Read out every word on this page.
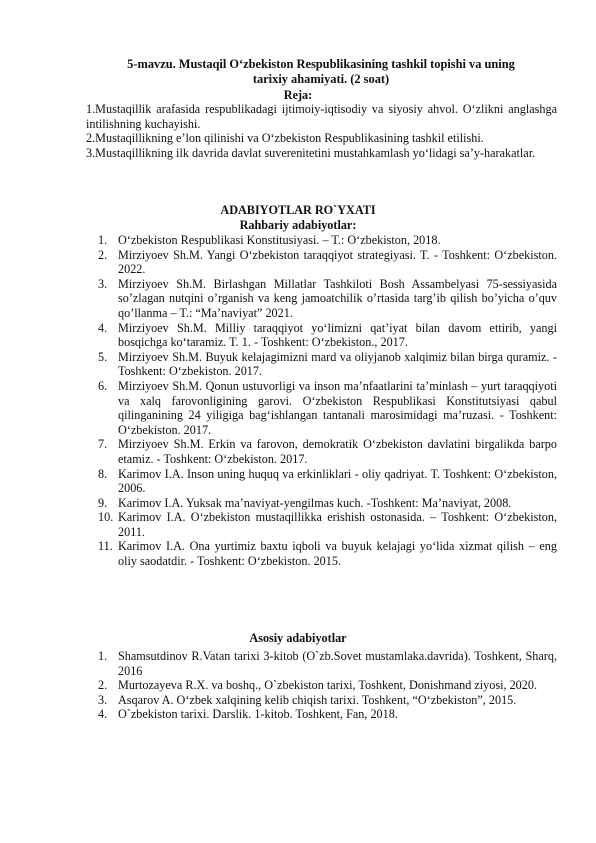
5-mavzu. Mustaqil O‘zbekiston Respublikasining tashkil topishi va uning
tarixiy ahamiyati. (2 soat)
Reja:

1.Mustaqillik arafasida respublikadagi ijtimoiy-iqtisodiy va siyosiy ahvol. O‘zlikni anglashga intilishning kuchayishi.

2.Mustaqillikning e’lon qilinishi va O‘zbekiston Respublikasining tashkil etilishi.

3.Mustaqillikning ilk davrida davlat suverenitetini mustahkamlash yo‘lidagi sa’y-harakatlar.

ADABIYOTLAR RO`YXATI
Rahbariy adabiyotlar:
1. O‘zbekiston Respublikasi Konstitusiyasi. – T.: O‘zbekiston, 2018.
2. Mirziyoev Sh.M. Yangi O‘zbekiston taraqqiyot strategiyasi. T. - Toshkent: O‘zbekiston. 2022.
3. Mirziyoev Sh.M. Birlashgan Millatlar Tashkiloti Bosh Assambelyasi 75-sessiyasida so’zlagan nutqini o’rganish va keng jamoatchilik o’rtasida targ’ib qilish bo’yicha o’quv qo’llanma – T.: “Ma’naviyat” 2021.
4. Mirziyoev Sh.M. Milliy taraqqiyot yo‘limizni qat’iyat bilan davom ettirib, yangi bosqichga ko‘taramiz. T. 1. - Toshkent: O‘zbekiston., 2017.
5. Mirziyoev Sh.M. Buyuk kelajagimizni mard va oliyjanob xalqimiz bilan birga quramiz. - Toshkent: O‘zbekiston. 2017.
6. Mirziyoev Sh.M. Qonun ustuvorligi va inson ma’nfaatlarini ta’minlash – yurt taraqqiyoti va xalq farovonligining garovi. O‘zbekiston Respublikasi Konstitutsiyasi qabul qilinganining 24 yiligiga bag‘ishlangan tantanali marosimidagi ma’ruzasi. - Toshkent: O‘zbekiston. 2017.
7. Mirziyoev Sh.M. Erkin va farovon, demokratik O‘zbekiston davlatini birgalikda barpo etamiz. - Toshkent: O‘zbekiston. 2017.
8. Karimov I.A. Inson uning huquq va erkinliklari - oliy qadriyat. T. Toshkent: O‘zbekiston, 2006.
9. Karimov I.A. Yuksak ma’naviyat-yengilmas kuch. -Toshkent: Ma’naviyat, 2008.
10. Karimov I.A. O‘zbekiston mustaqillikka erishish ostonasida. – Toshkent: O‘zbekiston, 2011.
11. Karimov I.A. Ona yurtimiz baxtu iqboli va buyuk kelajagi yo‘lida xizmat qilish – eng oliy saodatdir. - Toshkent: O‘zbekiston. 2015.
Asosiy adabiyotlar
1. Shamsutdinov R.Vatan tarixi 3-kitob (O`zb.Sovet mustamlaka.davrida). Toshkent, Sharq, 2016
2. Murtozayeva R.X. va boshq., O`zbekiston tarixi, Toshkent, Donishmand ziyosi, 2020.
3. Asqarov A. O‘zbek xalqining kelib chiqish tarixi. Toshkent, “O‘zbekiston”, 2015.
4. O`zbekiston tarixi. Darslik. 1-kitob. Toshkent, Fan, 2018.
